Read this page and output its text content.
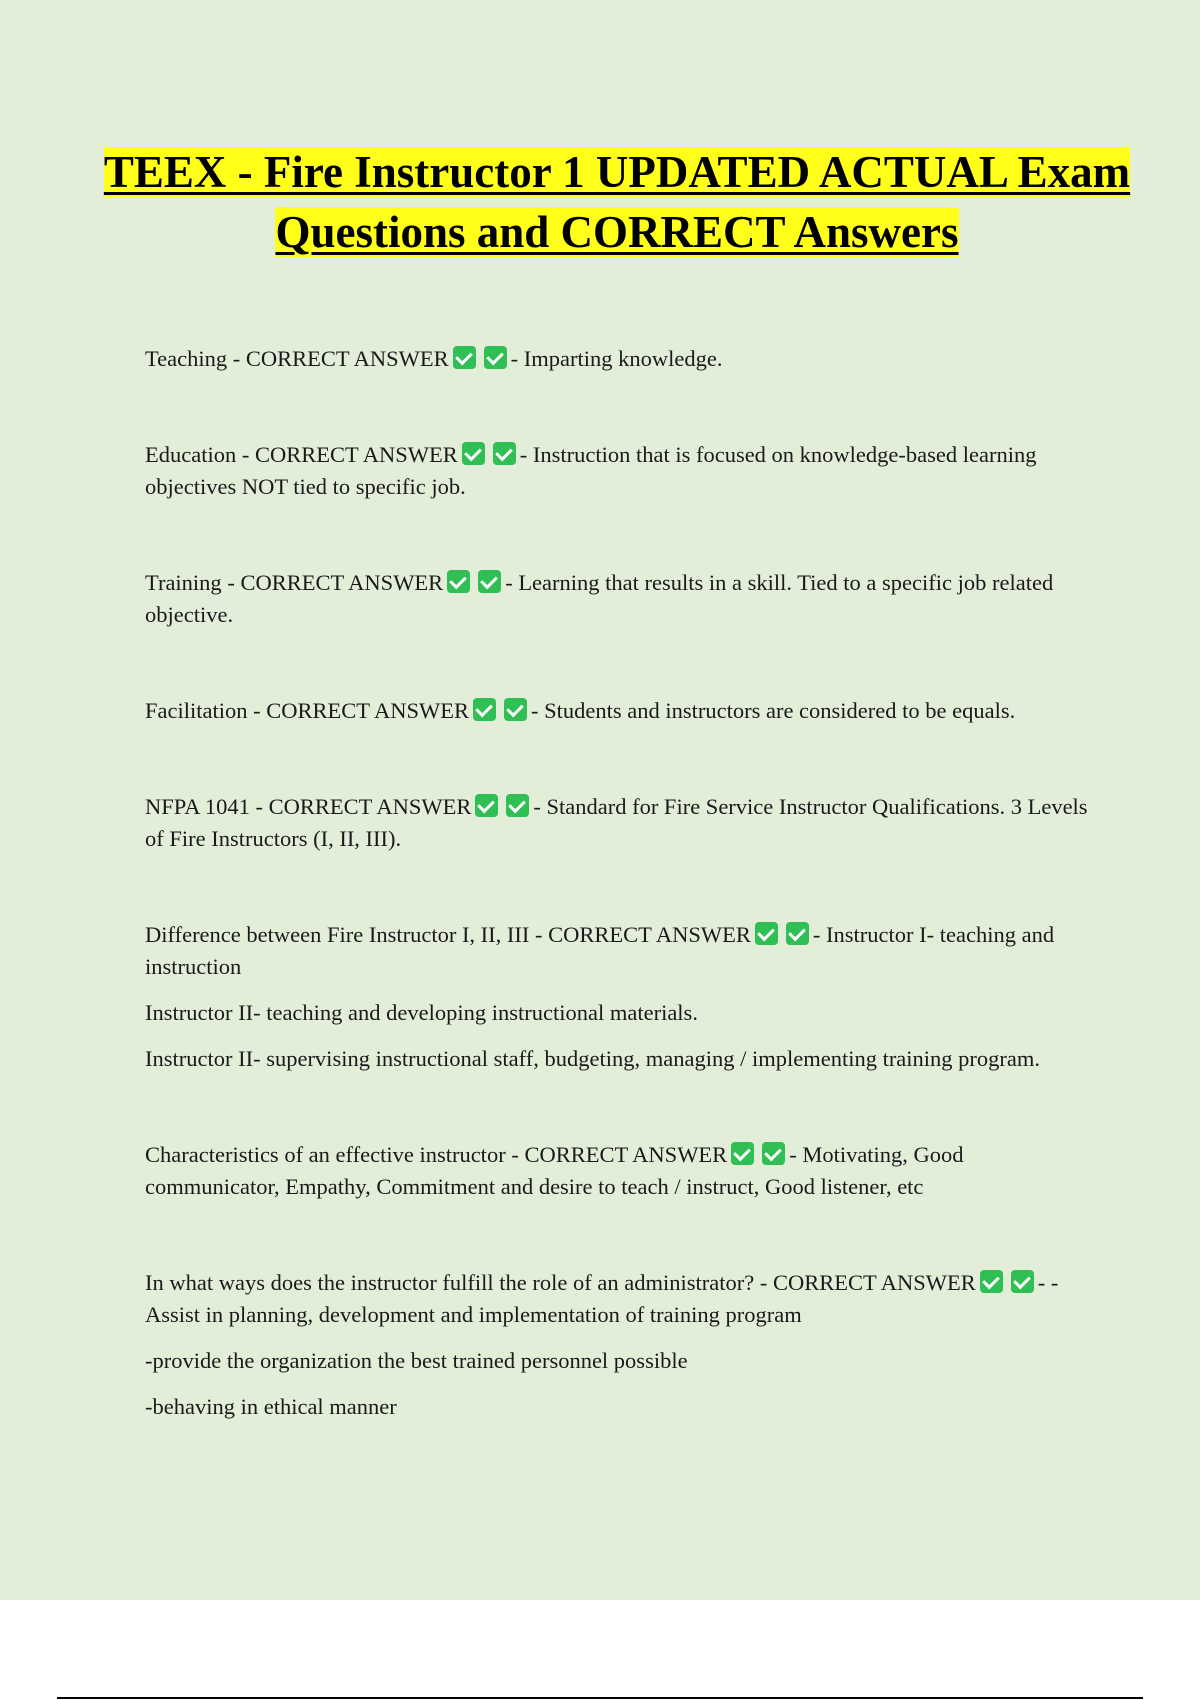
TEEX - Fire Instructor 1 UPDATED ACTUAL Exam Questions and CORRECT Answers

Teaching - CORRECT ANSWER	- Imparting knowledge.

Education - CORRECT ANSWER	- Instruction that is focused on knowledge-based learning objectives NOT tied to specific job.

Training - CORRECT ANSWER	- Learning that results in a skill. Tied to a specific job related objective.

Facilitation - CORRECT ANSWER	- Students and instructors are considered to be equals.

NFPA 1041 - CORRECT ANSWER	- Standard for Fire Service Instructor Qualifications. 3 Levels of Fire Instructors (I, II, III).

Difference between Fire Instructor I, II, III - CORRECT ANSWER	- Instructor I- teaching and instruction

Instructor II- teaching and developing instructional materials.

Instructor II- supervising instructional staff, budgeting, managing / implementing training program.

Characteristics of an effective instructor - CORRECT ANSWER	- Motivating, Good communicator, Empathy, Commitment and desire to teach / instruct, Good listener, etc

In what ways does the instructor fulfill the role of an administrator? - CORRECT ANSWER	- -Assist in planning, development and implementation of training program

-provide the organization the best trained personnel possible

-behaving in ethical manner
